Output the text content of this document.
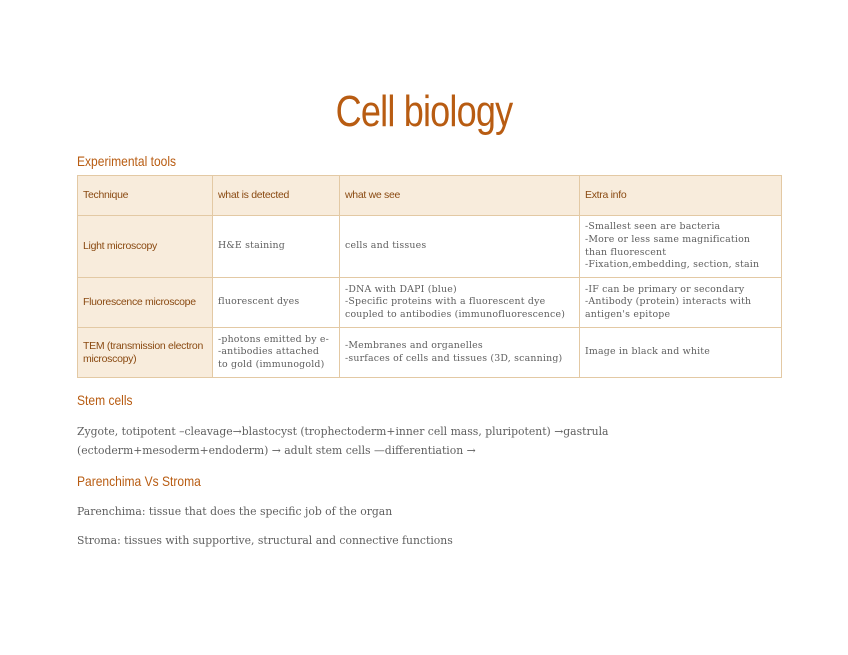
Cell biology
Experimental tools
Technique	what is detected	what we see	Extra info
Light microscopy	H&E staining	cells and tissues	-Smallest seen are bacteria
-More or less same magnification
than fluorescent
-Fixation,embedding, section, stain

Fluorescence microscope	fluorescent dyes	-DNA with DAPI (blue)
-Specific proteins with a fluorescent dye
coupled to antibodies (immunofluorescence)	-IF can be primary or secondary
-Antibody (protein) interacts with
antigen's epitope

TEM (transmission electron
microscopy)	-photons emitted by e-
-antibodies attached
to gold (immunogold)	-Membranes and organelles
-surfaces of cells and tissues (3D, scanning)	Image in black and white
Stem cells
Zygote, totipotent –cleavage→blastocyst (trophectoderm+inner cell mass, pluripotent) →gastrula
(ectoderm+mesoderm+endoderm) → adult stem cells —differentiation →
Parenchima Vs Stroma
Parenchima: tissue that does the specific job of the organ
Stroma: tissues with supportive, structural and connective functions
